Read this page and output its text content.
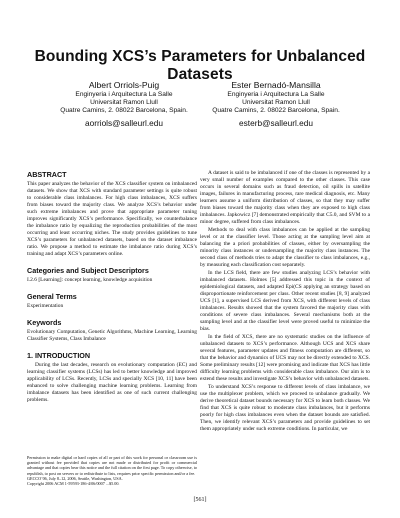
Bounding XCS’s Parameters for Unbalanced Datasets
Albert Orriols-Puig
Enginyeria i Arquitectura La Salle
Universitat Ramon Llull
Quatre Camins, 2. 08022 Barcelona, Spain.
aorriols@salleurl.edu
Ester Bernadó-Mansilla
Enginyeria i Arquitectura La Salle
Universitat Ramon Llull
Quatre Camins, 2. 08022 Barcelona, Spain.
esterb@salleurl.edu
ABSTRACT

This paper analyzes the behavior of the XCS classifier system on imbalanced datasets. We show that XCS with standard parameter settings is quite robust to considerable class imbalances. For high class imbalances, XCS suffers from biases toward the majority class. We analyze XCS’s behavior under such extreme imbalances and prove that appropriate parameter tuning improves significantly XCS’s performance. Specifically, we counterbalance the imbalance ratio by equalizing the reproduction probabilities of the most occurring and least occurring niches. The study provides guidelines to tune XCS’s parameters for unbalanced datasets, based on the dataset imbalance ratio. We propose a method to estimate the imbalance ratio during XCS’s training and adapt XCS’s parameters online.

Categories and Subject Descriptors

I.2.6 [Learning]: concept learning, knowledge acquisition

General Terms

Experimentation

Keywords

Evolutionary Computation, Genetic Algorithms, Machine Learning, Learning Classifier Systems, Class Imbalance

1. INTRODUCTION

During the last decades, research on evolutionary computation (EC) and learning classifier systems (LCSs) has led to better knowledge and improved applicability of LCSs. Recently, LCSs and specially XCS [10, 11] have been enhanced to solve challenging machine learning problems. Learning from imbalance datasets has been identified as one of such current challenging problems.

Permission to make digital or hard copies of all or part of this work for personal or classroom use is granted without fee provided that copies are not made or distributed for profit or commercial advantage and that copies bear this notice and the full citation on the first page. To copy otherwise, to republish, to post on servers or to redistribute to lists, requires prior specific permission and/or a fee.
GECCO’06, July 8–12, 2006, Seattle, Washington, USA.
Copyright 2006 ACM 1-59593-186-4/06/0007 ...$5.00.

A dataset is said to be imbalanced if one of the classes is represented by a very small number of examples compared to the other classes. This case occurs in several domains such as fraud detection, oil spills in satellite images, failures in manufacturing process, rare medical diagnosis, etc. Many learners assume a uniform distribution of classes, so that they may suffer from biases toward the majority class when they are exposed to high class imbalances. Japkowicz [7] demonstrated empirically that C5.0, and SVM to a minor degree, suffered from class imbalances.

Methods to deal with class imbalances can be applied at the sampling level or at the classifier level. Those acting at the sampling level aim at balancing the a priori probabilities of classes, either by oversampling the minority class instances or undersampling the majority class instances. The second class of methods tries to adapt the classifier to class imbalances, e.g., by measuring each classification cost separately.

In the LCS field, there are few studies analyzing LCS’s behavior with imbalanced datasets. Holmes [5] addressed this topic in the context of epidemiological datasets, and adapted Epi(CS applying an strategy based on disproportionate reinforcement per class. Other recent studies [8, 9] analyzed UCS [1], a supervised LCS derived from XCS, with different levels of class imbalances. Results showed that the system favored the majority class with conditions of severe class imbalances. Several mechanisms both at the sampling level and at the classifier level were proved useful to minimize the bias.

In the field of XCS, there are no systematic studies on the influence of unbalanced datasets to XCS’s performance. Although UCS and XCS share several features, parameter updates and fitness computation are different, so that the behavior and dynamics of UCS may not be directly extended to XCS. Some preliminary results [12] were promising and indicate that XCS has little difficulty learning problems with considerable class imbalance. Our aim is to extend these results and investigate XCS’s behavior with unbalanced datasets.

To understand XCS’s response to different levels of class imbalance, we use the multiplexer problem, which we proceed to unbalance gradually. We derive theoretical dataset bounds necessary for XCS to learn both classes. We find that XCS is quite robust to moderate class imbalances, but it performs poorly for high class imbalances even when the dataset bounds are satisfied. Then, we identify relevant XCS’s parameters and provide guidelines to set them appropriately under such extreme conditions. In particular, we

[561]
